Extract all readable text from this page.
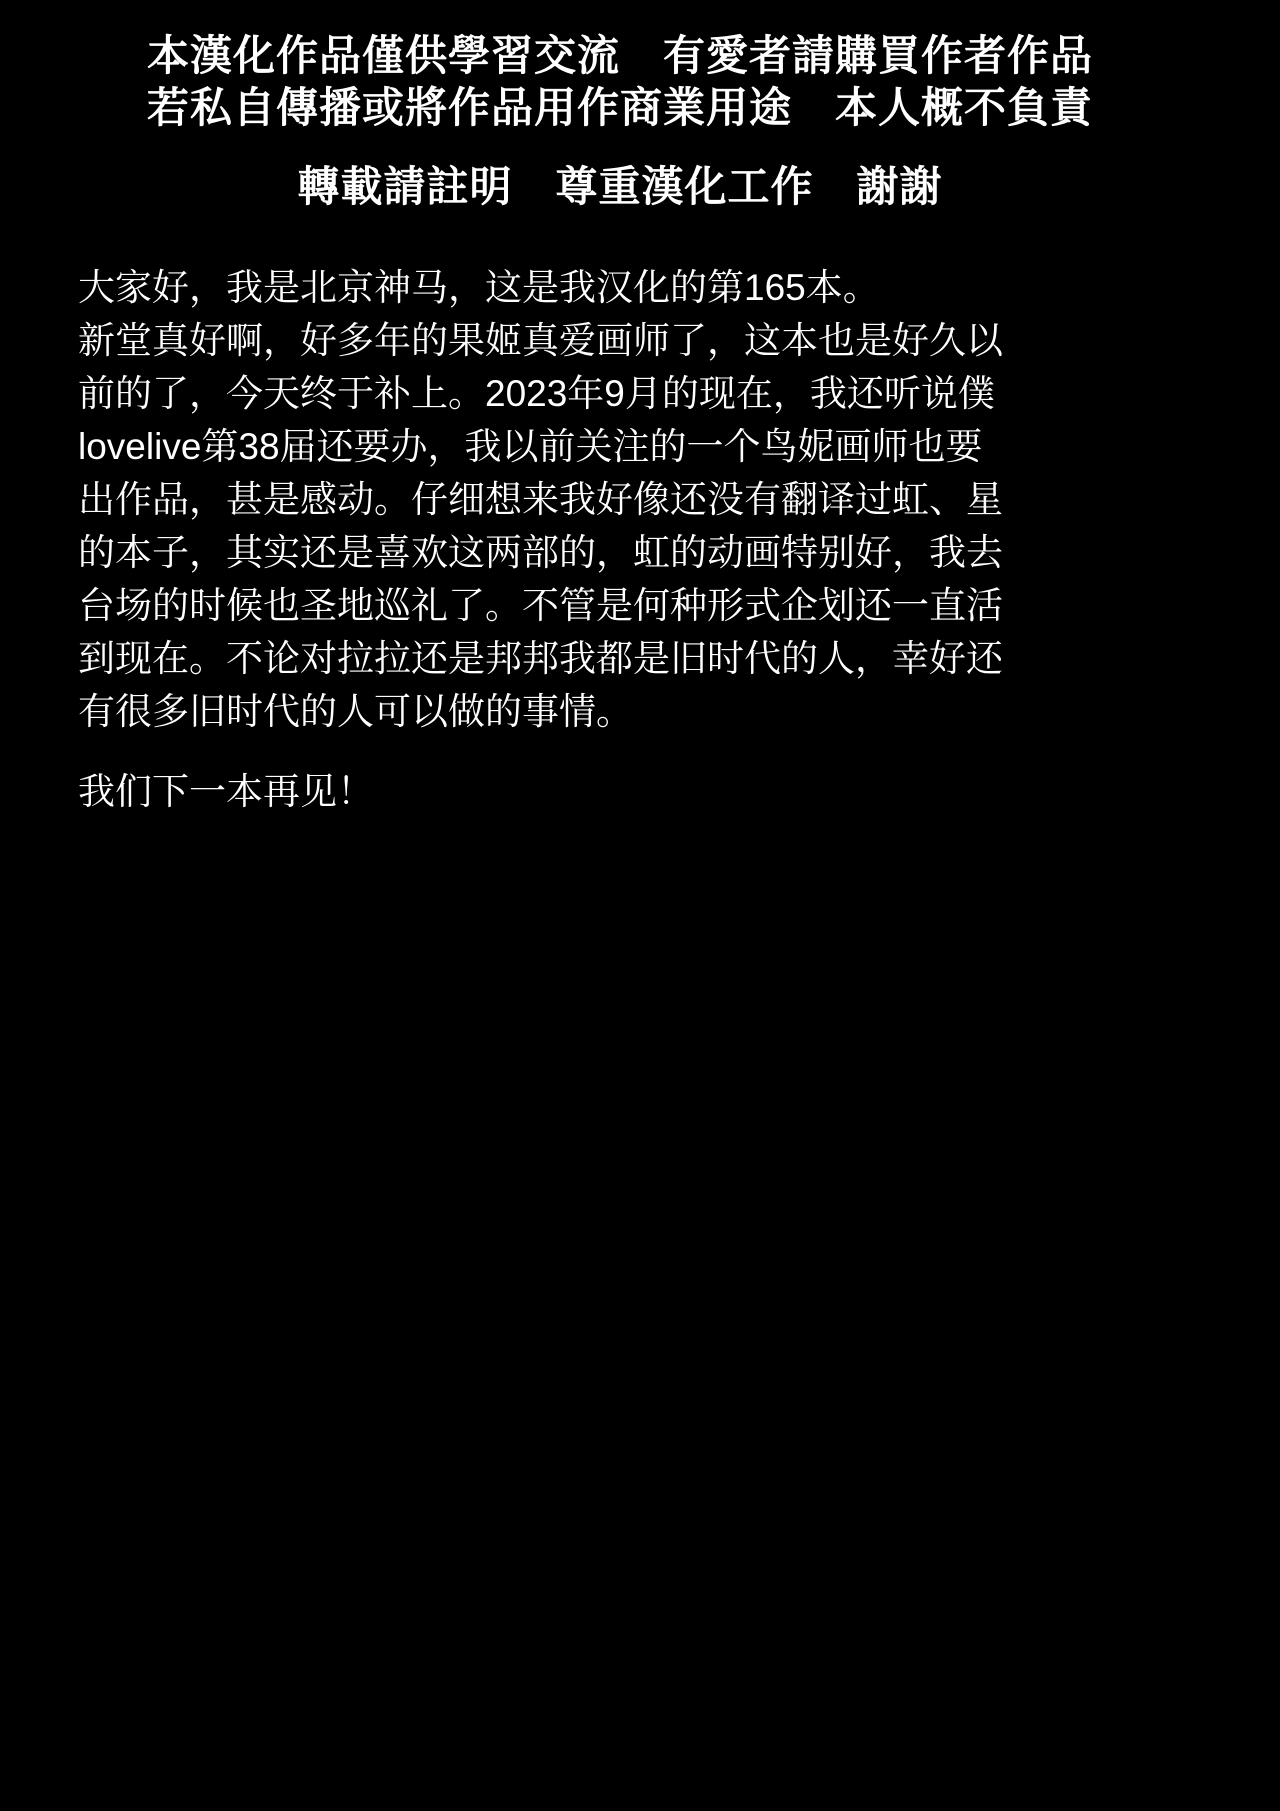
本漢化作品僅供學習交流　有愛者請購買作者作品
若私自傳播或將作品用作商業用途　本人概不負責
轉載請註明　尊重漢化工作　謝謝
大家好，我是北京神马，这是我汉化的第165本。
新堂真好啊，好多年的果姬真爱画师了，这本也是好久以
前的了，今天终于补上。2023年9月的现在，我还听说僕
lovelive第38届还要办，我以前关注的一个鸟妮画师也要
出作品，甚是感动。仔细想来我好像还没有翻译过虹、星
的本子，其实还是喜欢这两部的，虹的动画特别好，我去
台场的时候也圣地巡礼了。不管是何种形式企划还一直活
到现在。不论对拉拉还是邦邦我都是旧时代的人，幸好还
有很多旧时代的人可以做的事情。
我们下一本再见！
